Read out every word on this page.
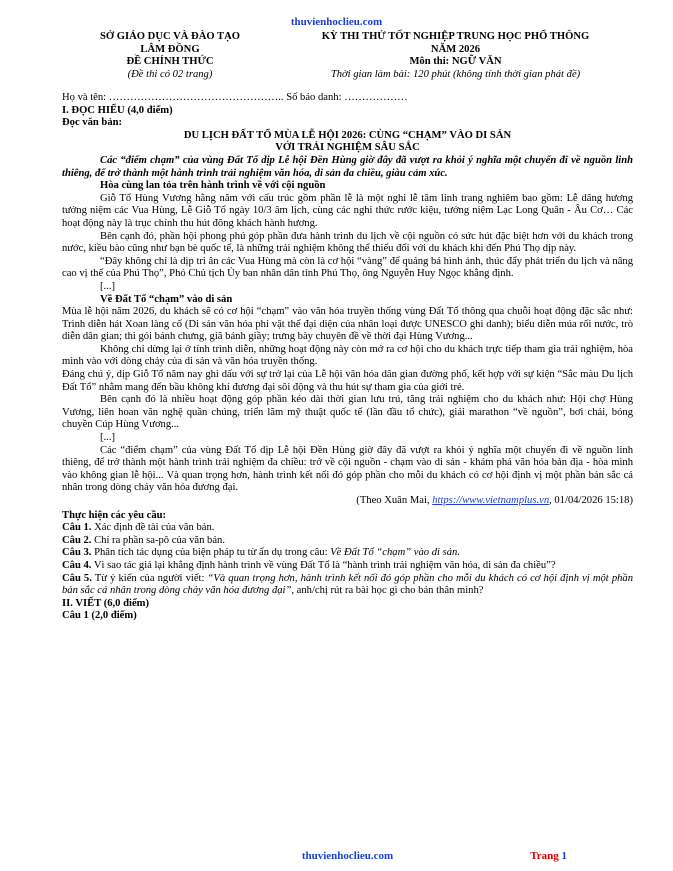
thuvienhoclieu.com
SỞ GIÁO DỤC VÀ ĐÀO TẠO
LÂM ĐỒNG
ĐỀ CHÍNH THỨC
(Đề thi có 02 trang)
KỲ THI THỬ TỐT NGHIỆP TRUNG HỌC PHỔ THÔNG
NĂM 2026
Môn thi: NGỮ VĂN
Thời gian làm bài: 120 phút (không tính thời gian phát đề)

Họ và tên: ………………………………………….. Số báo danh: ………………

I. ĐỌC HIỂU (4,0 điểm)

Đọc văn bản:

DU LỊCH ĐẤT TỔ MÙA LỄ HỘI 2026: CÙNG “CHẠM” VÀO DI SẢN

VỚI TRẢI NGHIỆM SÂU SẮC

Các “điểm chạm” của vùng Đất Tổ dịp Lễ hội Đền Hùng giờ đây đã vượt ra khỏi ý nghĩa một chuyến đi về nguồn linh thiêng, để trở thành một hành trình trải nghiệm văn hóa, di sản đa chiều, giàu cảm xúc.

Hòa cùng lan tỏa trên hành trình về với cội nguồn

Giỗ Tổ Hùng Vương hằng năm với cấu trúc gồm phần lễ là một nghi lễ tâm linh trang nghiêm bao gồm: Lễ dâng hương tưởng niệm các Vua Hùng, Lễ Giỗ Tổ ngày 10/3 âm lịch, cùng các nghi thức rước kiệu, tưởng niệm Lạc Long Quân - Âu Cơ… Các hoạt động này là trục chính thu hút đông khách hành hương.

Bên cạnh đó, phần hội phong phú góp phần đưa hành trình du lịch về cội nguồn có sức hút đặc biệt hơn với du khách trong nước, kiều bào cũng như bạn bè quốc tế, là những trải nghiệm không thể thiếu đối với du khách khi đến Phú Thọ dịp này.

“Đây không chỉ là dịp tri ân các Vua Hùng mà còn là cơ hội “vàng” để quảng bá hình ảnh, thúc đẩy phát triển du lịch và nâng cao vị thế của Phú Thọ”, Phó Chủ tịch Ủy ban nhân dân tỉnh Phú Thọ, ông Nguyễn Huy Ngọc khẳng định.

[...]

Về Đất Tổ “chạm” vào di sản

Mùa lễ hội năm 2026, du khách sẽ có cơ hội “chạm” vào văn hóa truyền thống vùng Đất Tổ thông qua chuỗi hoạt động đặc sắc như: Trình diễn hát Xoan làng cổ (Di sản văn hóa phi vật thể đại diện của nhân loại được UNESCO ghi danh); biểu diễn múa rối nước, trò diễn dân gian; thi gói bánh chưng, giã bánh giầy; trưng bày chuyên đề về thời đại Hùng Vương...

Không chỉ dừng lại ở tính trình diễn, những hoạt động này còn mở ra cơ hội cho du khách trực tiếp tham gia trải nghiệm, hòa mình vào với dòng chảy của di sản và văn hóa truyền thống.

Đáng chú ý, dịp Giỗ Tổ năm nay ghi dấu với sự trở lại của Lễ hội văn hóa dân gian đường phố, kết hợp với sự kiện “Sắc màu Du lịch Đất Tổ” nhằm mang đến bầu không khí đương đại sôi động và thu hút sự tham gia của giới trẻ.

Bên cạnh đó là nhiều hoạt động góp phần kéo dài thời gian lưu trú, tăng trải nghiệm cho du khách như: Hội chợ Hùng Vương, liên hoan văn nghệ quần chúng, triển lãm mỹ thuật quốc tế (lần đầu tổ chức), giải marathon “về nguồn”, bơi chải, bóng chuyền Cúp Hùng Vương...

[...]

Các “điểm chạm” của vùng Đất Tổ dịp Lễ hội Đền Hùng giờ đây đã vượt ra khỏi ý nghĩa một chuyến đi về nguồn linh thiêng, để trở thành một hành trình trải nghiệm đa chiều: trở về cội nguồn - chạm vào di sản - khám phá văn hóa bản địa - hòa mình vào không gian lễ hội... Và quan trọng hơn, hành trình kết nối đó góp phần cho mỗi du khách có cơ hội định vị một phần bản sắc cá nhân trong dòng chảy văn hóa đương đại.

(Theo Xuân Mai, https://www.vietnamplus.vn, 01/04/2026 15:18)

Thực hiện các yêu cầu:

Câu 1. Xác định đề tài của văn bản.

Câu 2. Chỉ ra phần sa-pô của văn bản.

Câu 3. Phân tích tác dụng của biện pháp tu từ ẩn dụ trong câu: Về Đất Tổ “chạm” vào di sản.

Câu 4. Vì sao tác giả lại khẳng định hành trình về vùng Đất Tổ là “hành trình trải nghiệm văn hóa, di sản đa chiều”?

Câu 5. Từ ý kiến của người viết: “Và quan trọng hơn, hành trình kết nối đó góp phần cho mỗi du khách có cơ hội định vị một phần bản sắc cá nhân trong dòng chảy văn hóa đương đại”, anh/chị rút ra bài học gì cho bản thân mình?

II. VIẾT (6,0 điểm)

Câu 1 (2,0 điểm)

thuvienhoclieu.com	Trang 1
